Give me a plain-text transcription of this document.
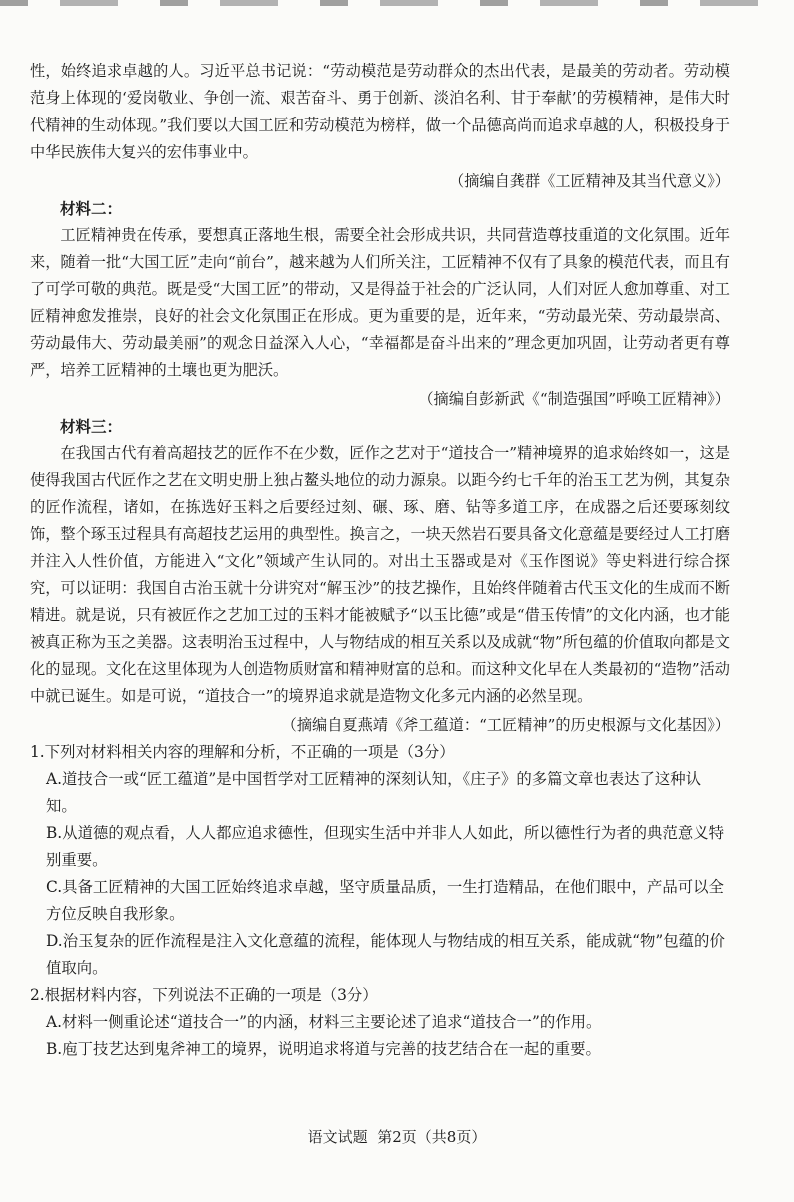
性，始终追求卓越的人。习近平总书记说：“劳动模范是劳动群众的杰出代表，是最美的劳动者。劳动模范身上体现的‘爱岗敬业、争创一流、艰苦奋斗、勇于创新、淡泊名利、甘于奉献’的劳模精神，是伟大时代精神的生动体现。”我们要以大国工匠和劳动模范为榜样，做一个品德高尚而追求卓越的人，积极投身于中华民族伟大复兴的宏伟事业中。

（摘编自龚群《工匠精神及其当代意义》）
材料二：

工匠精神贵在传承，要想真正落地生根，需要全社会形成共识，共同营造尊技重道的文化氛围。近年来，随着一批“大国工匠”走向“前台”，越来越为人们所关注，工匠精神不仅有了具象的模范代表，而且有了可学可敬的典范。既是受“大国工匠”的带动，又是得益于社会的广泛认同，人们对匠人愈加尊重、对工匠精神愈发推崇，良好的社会文化氛围正在形成。更为重要的是，近年来，“劳动最光荣、劳动最崇高、劳动最伟大、劳动最美丽”的观念日益深入人心，“幸福都是奋斗出来的”理念更加巩固，让劳动者更有尊严，培养工匠精神的土壤也更为肥沃。

（摘编自彭新武《“制造强国”呼唤工匠精神》）
材料三：

在我国古代有着高超技艺的匠作不在少数，匠作之艺对于“道技合一”精神境界的追求始终如一，这是使得我国古代匠作之艺在文明史册上独占鳌头地位的动力源泉。以距今约七千年的治玉工艺为例，其复杂的匠作流程，诸如，在拣选好玉料之后要经过刻、碾、琢、磨、钻等多道工序，在成器之后还要琢刻纹饰，整个琢玉过程具有高超技艺运用的典型性。换言之，一块天然岩石要具备文化意蕴是要经过人工打磨并注入人性价值，方能进入“文化”领域产生认同的。对出土玉器或是对《玉作图说》等史料进行综合探究，可以证明：我国自古治玉就十分讲究对“解玉沙”的技艺操作，且始终伴随着古代玉文化的生成而不断精进。就是说，只有被匠作之艺加工过的玉料才能被赋予“以玉比德”或是“借玉传情”的文化内涵，也才能被真正称为玉之美器。这表明治玉过程中，人与物结成的相互关系以及成就“物”所包蕴的价值取向都是文化的显现。文化在这里体现为人创造物质财富和精神财富的总和。而这种文化早在人类最初的“造物”活动中就已诞生。如是可说，“道技合一”的境界追求就是造物文化多元内涵的必然呈现。

（摘编自夏燕靖《斧工蕴道：“工匠精神”的历史根源与文化基因》）

1.下列对材料相关内容的理解和分析，不正确的一项是（3分）

A.道技合一或“匠工蕴道”是中国哲学对工匠精神的深刻认知，《庄子》的多篇文章也表达了这种认知。
B.从道德的观点看，人人都应追求德性，但现实生活中并非人人如此，所以德性行为者的典范意义特别重要。
C.具备工匠精神的大国工匠始终追求卓越，坚守质量品质，一生打造精品，在他们眼中，产品可以全方位反映自我形象。
D.治玉复杂的匠作流程是注入文化意蕴的流程，能体现人与物结成的相互关系，能成就“物”包蕴的价值取向。

2.根据材料内容，下列说法不正确的一项是（3分）

A.材料一侧重论述“道技合一”的内涵，材料三主要论述了追求“道技合一”的作用。
B.庖丁技艺达到鬼斧神工的境界，说明追求将道与完善的技艺结合在一起的重要。
语文试题 第2页（共8页）
